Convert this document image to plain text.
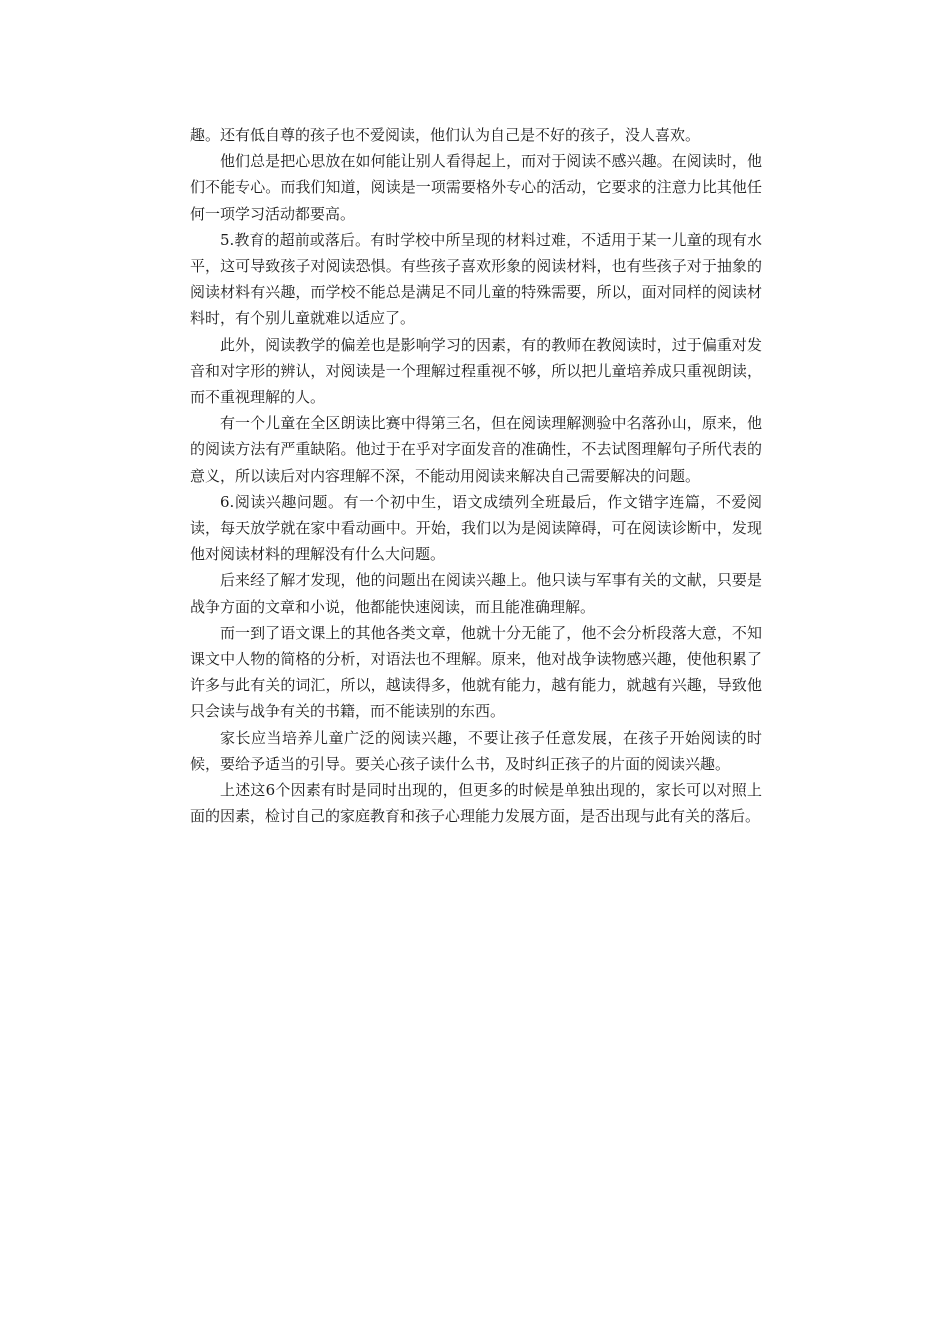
趣。还有低自尊的孩子也不爱阅读，他们认为自己是不好的孩子，没人喜欢。

他们总是把心思放在如何能让别人看得起上，而对于阅读不感兴趣。在阅读时，他们不能专心。而我们知道，阅读是一项需要格外专心的活动，它要求的注意力比其他任何一项学习活动都要高。

5.教育的超前或落后。有时学校中所呈现的材料过难，不适用于某一儿童的现有水平，这可导致孩子对阅读恐惧。有些孩子喜欢形象的阅读材料，也有些孩子对于抽象的阅读材料有兴趣，而学校不能总是满足不同儿童的特殊需要，所以，面对同样的阅读材料时，有个别儿童就难以适应了。

此外，阅读教学的偏差也是影响学习的因素，有的教师在教阅读时，过于偏重对发音和对字形的辨认，对阅读是一个理解过程重视不够，所以把儿童培养成只重视朗读，而不重视理解的人。

有一个儿童在全区朗读比赛中得第三名，但在阅读理解测验中名落孙山，原来，他的阅读方法有严重缺陷。他过于在乎对字面发音的准确性，不去试图理解句子所代表的意义，所以读后对内容理解不深，不能动用阅读来解决自己需要解决的问题。

6.阅读兴趣问题。有一个初中生，语文成绩列全班最后，作文错字连篇，不爱阅读，每天放学就在家中看动画中。开始，我们以为是阅读障碍，可在阅读诊断中，发现他对阅读材料的理解没有什么大问题。

后来经了解才发现，他的问题出在阅读兴趣上。他只读与军事有关的文献，只要是战争方面的文章和小说，他都能快速阅读，而且能准确理解。

而一到了语文课上的其他各类文章，他就十分无能了，他不会分析段落大意，不知课文中人物的简格的分析，对语法也不理解。原来，他对战争读物感兴趣，使他积累了许多与此有关的词汇，所以，越读得多，他就有能力，越有能力，就越有兴趣，导致他只会读与战争有关的书籍，而不能读别的东西。

家长应当培养儿童广泛的阅读兴趣，不要让孩子任意发展，在孩子开始阅读的时候，要给予适当的引导。要关心孩子读什么书，及时纠正孩子的片面的阅读兴趣。

上述这6个因素有时是同时出现的，但更多的时候是单独出现的，家长可以对照上面的因素，检讨自己的家庭教育和孩子心理能力发展方面，是否出现与此有关的落后。
